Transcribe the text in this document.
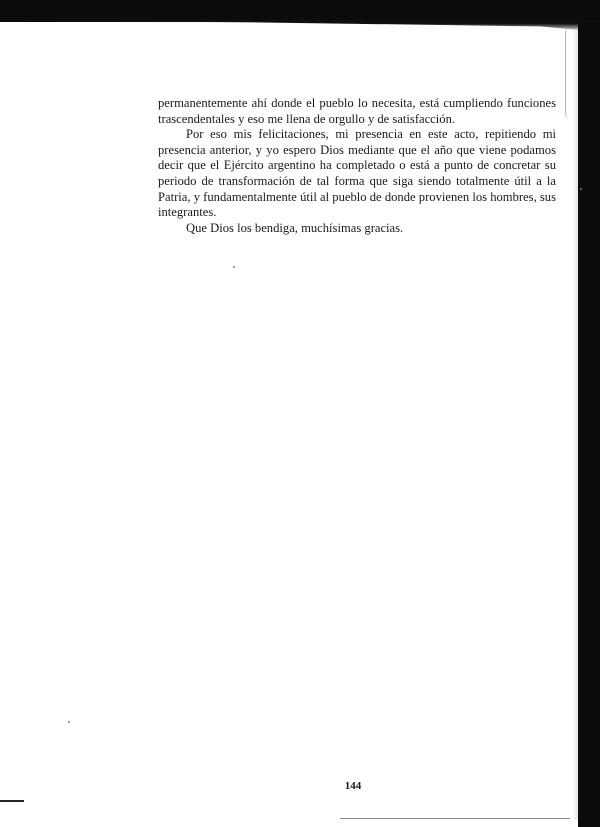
permanentemente ahí donde el pueblo lo necesita, está cumpliendo funciones trascendentales y eso me llena de orgullo y de satisfacción.

Por eso mis felicitaciones, mi presencia en este acto, repitiendo mi presencia anterior, y yo espero Dios mediante que el año que viene podamos decir que el Ejército argentino ha completado o está a punto de concretar su periodo de transformación de tal forma que siga siendo totalmente útil a la Patria, y fundamentalmente útil al pueblo de donde provienen los hombres, sus integrantes.

Que Dios los bendiga, muchísimas gracias.

144
